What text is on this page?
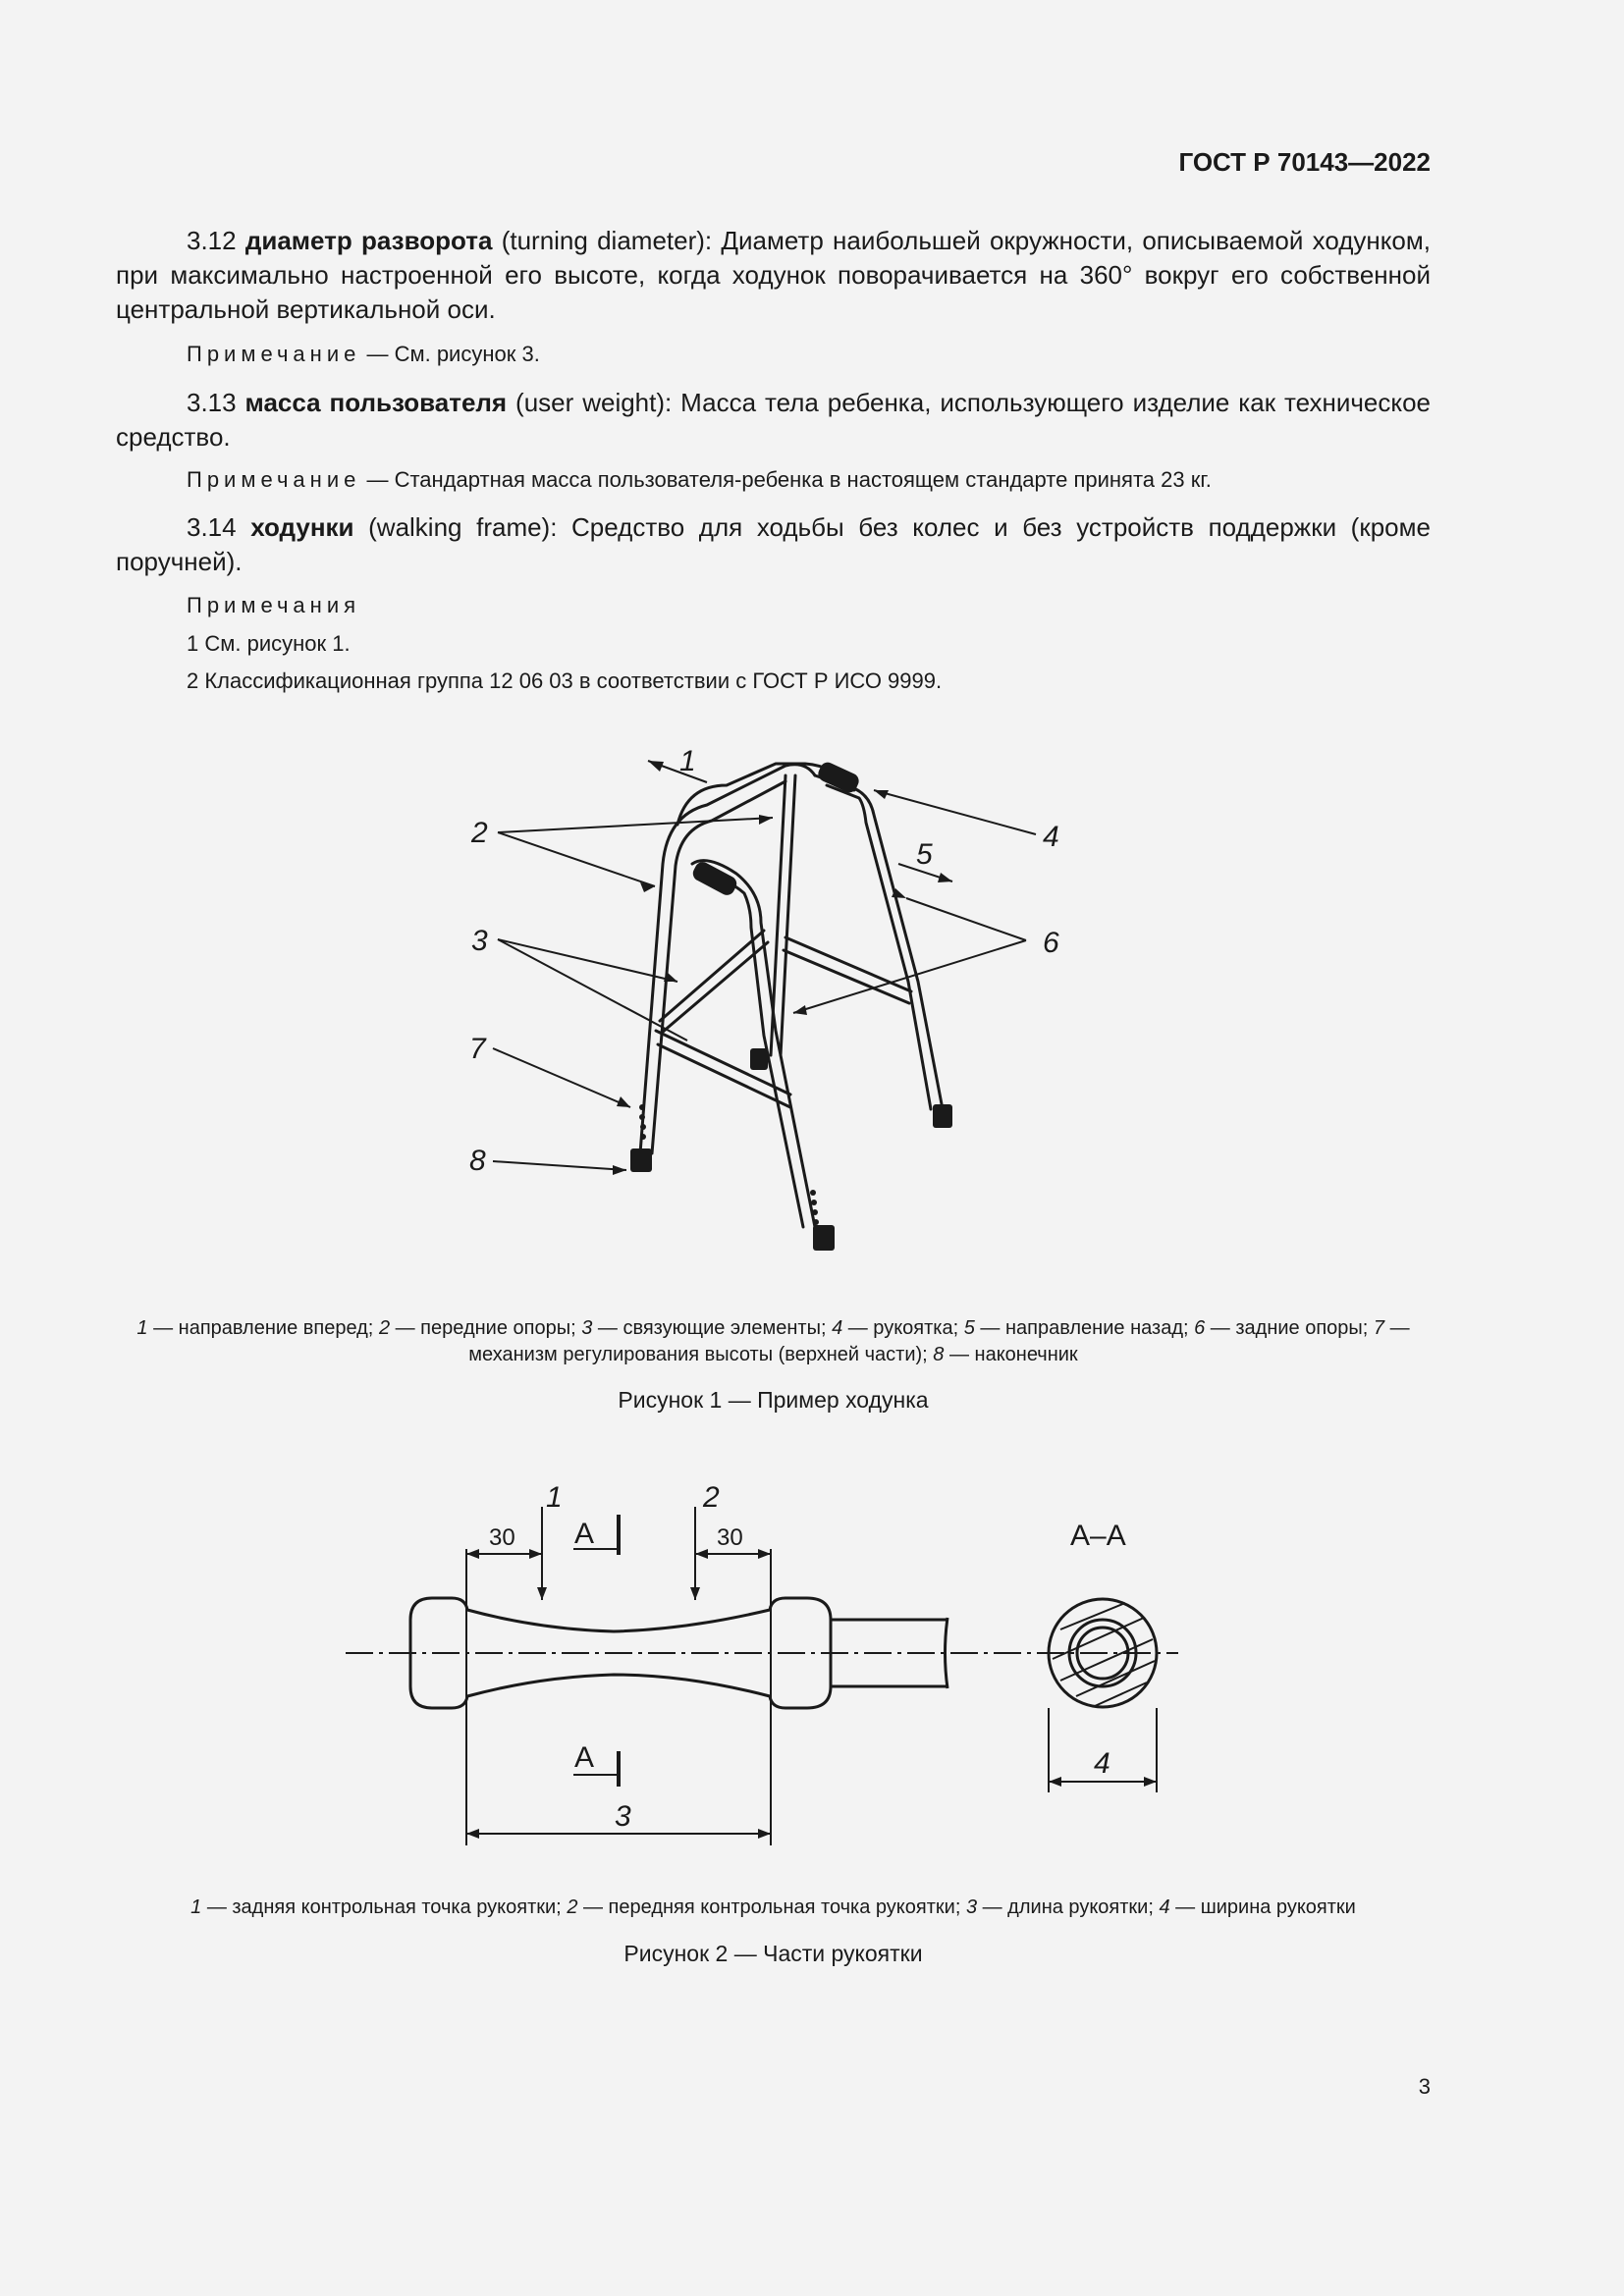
ГОСТ Р 70143—2022
3.12 диаметр разворота (turning diameter): Диаметр наибольшей окружности, описываемой ходунком, при максимально настроенной его высоте, когда ходунок поворачивается на 360° вокруг его собственной центральной вертикальной оси.
Примечание — См. рисунок 3.
3.13 масса пользователя (user weight): Масса тела ребенка, использующего изделие как техническое средство.
Примечание — Стандартная масса пользователя-ребенка в настоящем стандарте принята 23 кг.
3.14 ходунки (walking frame): Средство для ходьбы без колес и без устройств поддержки (кроме поручней).
Примечания
1 См. рисунок 1.
2 Классификационная группа 12 06 03 в соответствии с ГОСТ Р ИСО 9999.
1
2
3
4
5
6
7
8
1 — направление вперед; 2 — передние опоры; 3 — связующие элементы; 4 — рукоятка; 5 — направление назад; 6 — задние опоры; 7 — механизм регулирования высоты (верхней части); 8 — наконечник
Рисунок 1 — Пример ходунка
30	30
А
А
А–А
1	2
3
4
1 — задняя контрольная точка рукоятки; 2 — передняя контрольная точка рукоятки; 3 — длина рукоятки; 4 — ширина рукоятки
Рисунок 2 — Части рукоятки
3
